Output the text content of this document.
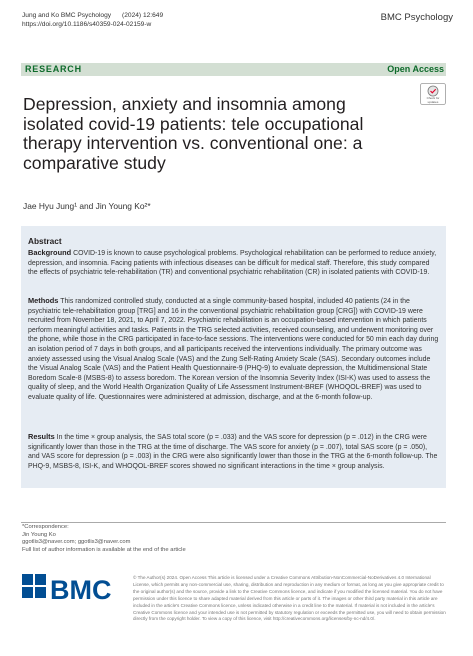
Jung and Ko BMC Psychology      (2024) 12:649
https://doi.org/10.1186/s40359-024-02159-w
BMC Psychology
RESEARCH	Open Access
Check for updates
Depression, anxiety and insomnia among isolated covid-19 patients: tele occupational therapy intervention vs. conventional one: a comparative study
Jae Hyu Jung¹ and Jin Young Ko²*
Abstract
Background COVID-19 is known to cause psychological problems. Psychological rehabilitation can be performed to reduce anxiety, depression, and insomnia. Facing patients with infectious diseases can be difficult for medical staff. Therefore, this study compared the effects of psychiatric tele-rehabilitation (TR) and conventional psychiatric rehabilitation (CR) in isolated patients with COVID-19.
Methods This randomized controlled study, conducted at a single community-based hospital, included 40 patients (24 in the psychiatric tele-rehabilitation group [TRG] and 16 in the conventional psychiatric rehabilitation group [CRG]) with COVID-19 were recruited from November 18, 2021, to April 7, 2022. Psychiatric rehabilitation is an occupation-based intervention in which patients perform meaningful activities and tasks. Patients in the TRG selected activities, received counseling, and underwent monitoring over the phone, while those in the CRG participated in face-to-face sessions. The interventions were conducted for 50 min each day during an isolation period of 7 days in both groups, and all participants received the interventions individually. The primary outcome was anxiety assessed using the Visual Analog Scale (VAS) and the Zung Self-Rating Anxiety Scale (SAS). Secondary outcomes include the Visual Analog Scale (VAS) and the Patient Health Questionnaire-9 (PHQ-9) to evaluate depression, the Multidimensional State Boredom Scale-8 (MSBS-8) to assess boredom. The Korean version of the Insomnia Severity Index (ISI-K) was used to assess the quality of sleep, and the World Health Organization Quality of Life Assessment Instrument-BREF (WHOQOL-BREF) was used to evaluate quality of life. Questionnaires were administered at admission, discharge, and at the 6-month follow-up.
Results In the time × group analysis, the SAS total score (p = .033) and the VAS score for depression (p = .012) in the CRG were significantly lower than those in the TRG at the time of discharge. The VAS score for anxiety (p = .007), total SAS score (p = .050), and VAS score for depression (p = .003) in the CRG were also significantly lower than those in the TRG at the 6-month follow-up. The PHQ-9, MSBS-8, ISI-K, and WHOQOL-BREF scores showed no significant interactions in the time × group analysis.
*Correspondence:
Jin Young Ko
ggotlis3@naver.com; ggotlis3@naver.com
Full list of author information is available at the end of the article
BMC	© The Author(s) 2024. Open Access This article is licensed under a Creative Commons Attribution-NonCommercial-NoDerivatives 4.0 International License, which permits any non-commercial use, sharing, distribution and reproduction in any medium or format, as long as you give appropriate credit to the original author(s) and the source, provide a link to the Creative Commons licence, and indicate if you modified the licensed material. You do not have permission under this licence to share adapted material derived from this article or parts of it. The images or other third party material in this article are included in the article's Creative Commons licence, unless indicated otherwise in a credit line to the material. If material is not included in the article's Creative Commons licence and your intended use is not permitted by statutory regulation or exceeds the permitted use, you will need to obtain permission directly from the copyright holder. To view a copy of this licence, visit http://creativecommons.org/licenses/by-nc-nd/4.0/.
